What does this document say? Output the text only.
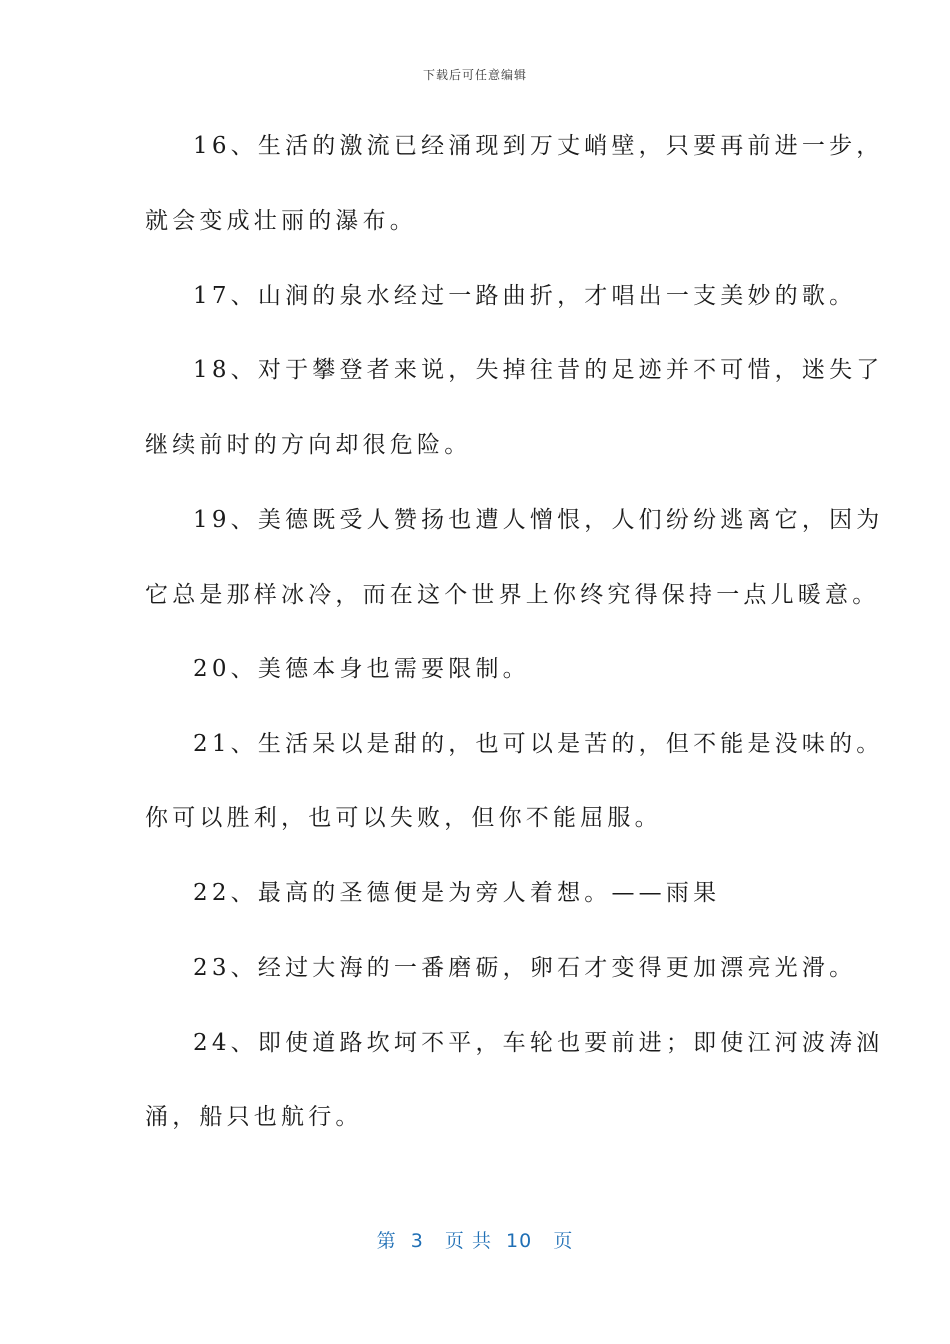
下载后可任意编辑
16、生活的激流已经涌现到万丈峭壁，只要再前进一步，
就会变成壮丽的瀑布。
17、山涧的泉水经过一路曲折，才唱出一支美妙的歌。
18、对于攀登者来说，失掉往昔的足迹并不可惜，迷失了
继续前时的方向却很危险。
19、美德既受人赞扬也遭人憎恨，人们纷纷逃离它，因为
它总是那样冰冷，而在这个世界上你终究得保持一点儿暖意。
20、美德本身也需要限制。
21、生活呆以是甜的，也可以是苦的，但不能是没味的。
你可以胜利，也可以失败，但你不能屈服。
22、最高的圣德便是为旁人着想。——雨果
23、经过大海的一番磨砺，卵石才变得更加漂亮光滑。
24、即使道路坎坷不平，车轮也要前进；即使江河波涛汹
涌，船只也航行。
第  3   页 共  10   页
